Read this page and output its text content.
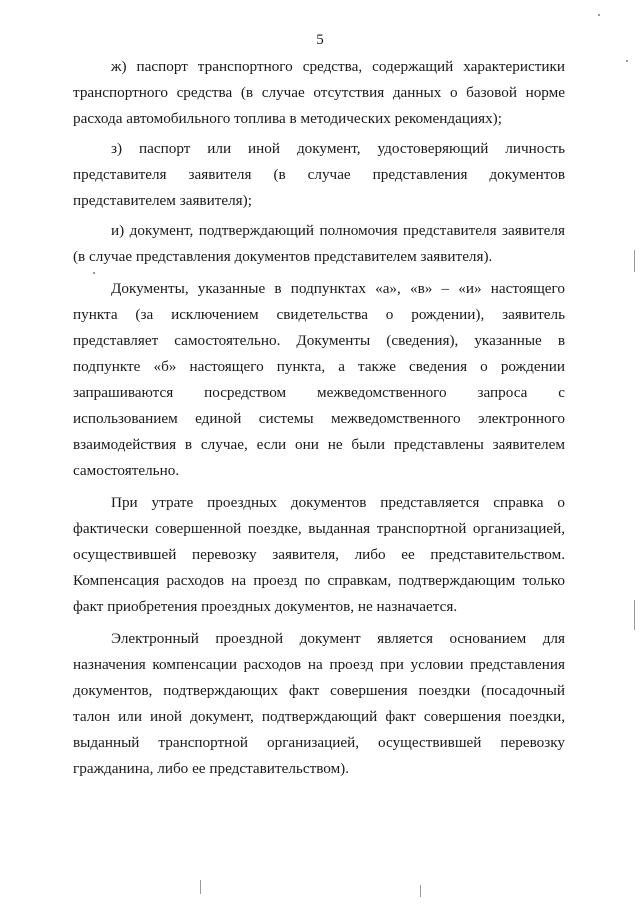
5

ж) паспорт транспортного средства, содержащий характеристики транспортного средства (в случае отсутствия данных о базовой норме расхода автомобильного топлива в методических рекомендациях);

з) паспорт или иной документ, удостоверяющий личность представителя заявителя (в случае представления документов представителем заявителя);

и) документ, подтверждающий полномочия представителя заявителя (в случае представления документов представителем заявителя).

Документы, указанные в подпунктах «а», «в» – «и» настоящего пункта (за исключением свидетельства о рождении), заявитель представляет самостоятельно. Документы (сведения), указанные в подпункте «б» настоящего пункта, а также сведения о рождении запрашиваются посредством межведомственного запроса с использованием единой системы межведомственного электронного взаимодействия в случае, если они не были представлены заявителем самостоятельно.

При утрате проездных документов представляется справка о фактически совершенной поездке, выданная транспортной организацией, осуществившей перевозку заявителя, либо ее представительством. Компенсация расходов на проезд по справкам, подтверждающим только факт приобретения проездных документов, не назначается.

Электронный проездной документ является основанием для назначения компенсации расходов на проезд при условии представления документов, подтверждающих факт совершения поездки (посадочный талон или иной документ, подтверждающий факт совершения поездки, выданный транспортной организацией, осуществившей перевозку гражданина, либо ее представительством).
